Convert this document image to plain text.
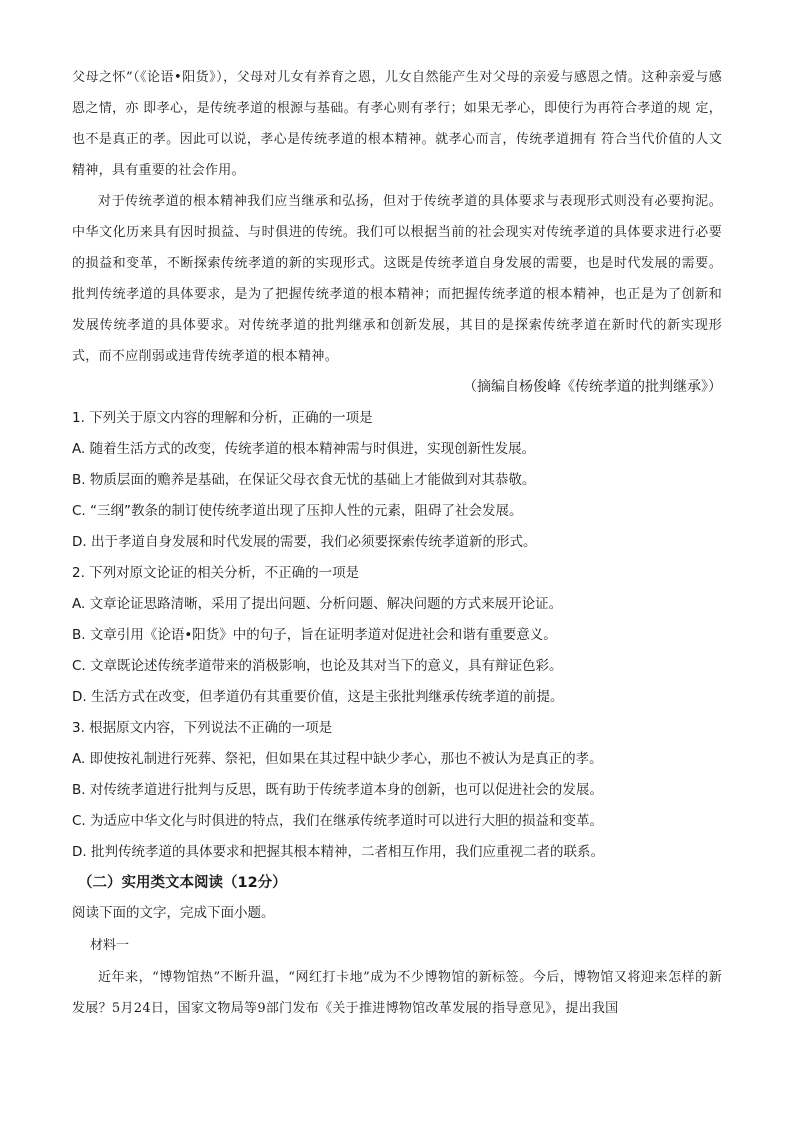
父母之怀”（《论语•阳货》），父母对儿女有养育之恩，儿女自然能产生对父母的亲爱与感恩之情。这种亲爱与感恩之情，亦 即孝心，是传统孝道的根源与基础。有孝心则有孝行；如果无孝心，即使行为再符合孝道的规 定，也不是真正的孝。因此可以说，孝心是传统孝道的根本精神。就孝心而言，传统孝道拥有 符合当代价值的人文精神，具有重要的社会作用。

对于传统孝道的根本精神我们应当继承和弘扬，但对于传统孝道的具体要求与表现形式则没有必要拘泥。中华文化历来具有因时损益、与时俱进的传统。我们可以根据当前的社会现实对传统孝道的具体要求进行必要的损益和变革，不断探索传统孝道的新的实现形式。这既是传统孝道自身发展的需要，也是时代发展的需要。批判传统孝道的具体要求，是为了把握传统孝道的根本精神；而把握传统孝道的根本精神，也正是为了创新和发展传统孝道的具体要求。对传统孝道的批判继承和创新发展，其目的是探索传统孝道在新时代的新实现形式，而不应削弱或违背传统孝道的根本精神。

（摘编自杨俊峰《传统孝道的批判继承》）

1. 下列关于原文内容的理解和分析，正确的一项是

A. 随着生活方式的改变，传统孝道的根本精神需与时俱进，实现创新性发展。

B. 物质层面的赡养是基础，在保证父母衣食无忧的基础上才能做到对其恭敬。

C. “三纲”教条的制订使传统孝道出现了压抑人性的元素，阻碍了社会发展。

D. 出于孝道自身发展和时代发展的需要，我们必须要探索传统孝道新的形式。

2. 下列对原文论证的相关分析，不正确的一项是

A. 文章论证思路清晰，采用了提出问题、分析问题、解决问题的方式来展开论证。

B. 文章引用《论语•阳货》中的句子，旨在证明孝道对促进社会和谐有重要意义。

C. 文章既论述传统孝道带来的消极影响，也论及其对当下的意义，具有辩证色彩。

D. 生活方式在改变，但孝道仍有其重要价值，这是主张批判继承传统孝道的前提。

3. 根据原文内容，下列说法不正确的一项是

A. 即使按礼制进行死葬、祭祀，但如果在其过程中缺少孝心，那也不被认为是真正的孝。

B. 对传统孝道进行批判与反思，既有助于传统孝道本身的创新，也可以促进社会的发展。

C. 为适应中华文化与时俱进的特点，我们在继承传统孝道时可以进行大胆的损益和变革。

D. 批判传统孝道的具体要求和把握其根本精神，二者相互作用，我们应重视二者的联系。

（二）实用类文本阅读（12分）

阅读下面的文字，完成下面小题。

材料一

近年来，“博物馆热”不断升温，“网红打卡地”成为不少博物馆的新标签。今后，博物馆又将迎来怎样的新发展？5月24日，国家文物局等9部门发布《关于推进博物馆改革发展的指导意见》，提出我国
